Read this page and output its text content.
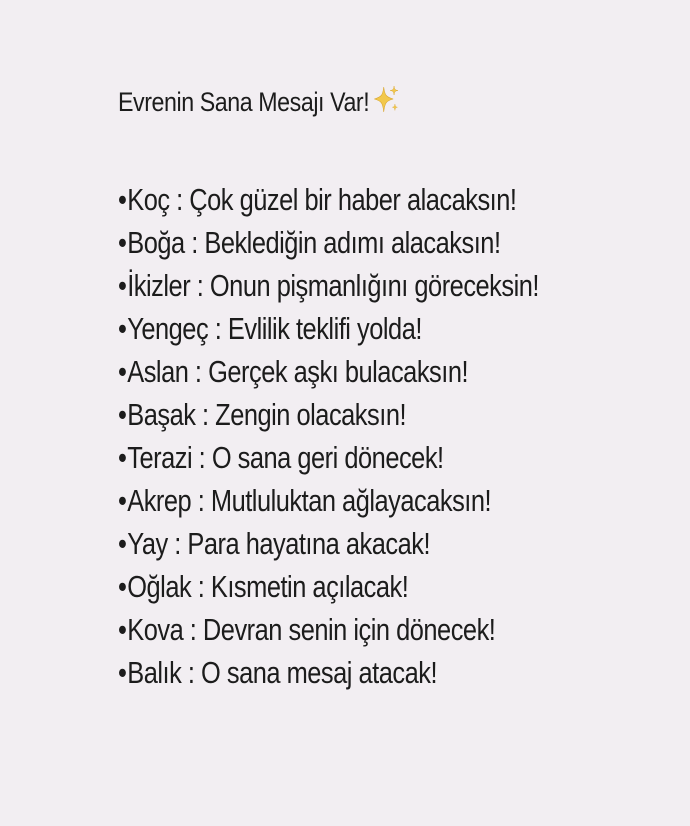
Evrenin Sana Mesajı Var!
•Koç : Çok güzel bir haber alacaksın!
•Boğa : Beklediğin adımı alacaksın!
•İkizler : Onun pişmanlığını göreceksin!
•Yengeç : Evlilik teklifi yolda!
•Aslan : Gerçek aşkı bulacaksın!
•Başak : Zengin olacaksın!
•Terazi : O sana geri dönecek!
•Akrep : Mutluluktan ağlayacaksın!
•Yay : Para hayatına akacak!
•Oğlak : Kısmetin açılacak!
•Kova : Devran senin için dönecek!
•Balık : O sana mesaj atacak!
